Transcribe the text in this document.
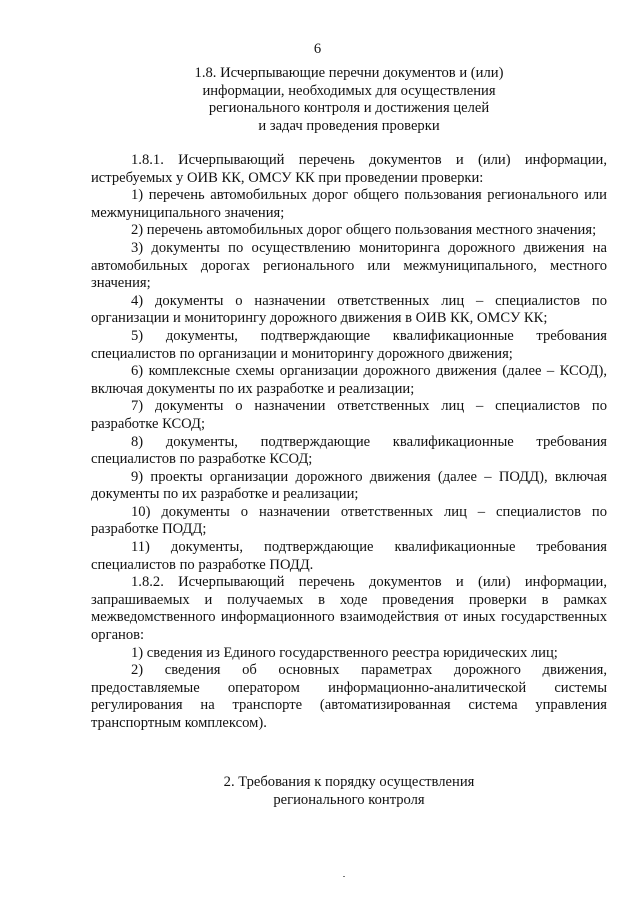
6
1.8. Исчерпывающие перечни документов и (или)
информации, необходимых для осуществления
регионального контроля и достижения целей
и задач проведения проверки

1.8.1. Исчерпывающий перечень документов и (или) информации, истребуемых у ОИВ КК, ОМСУ КК при проведении проверки:

1) перечень автомобильных дорог общего пользования регионального или межмуниципального значения;

2) перечень автомобильных дорог общего пользования местного значения;

3) документы по осуществлению мониторинга дорожного движения на автомобильных дорогах регионального или межмуниципального, местного значения;

4) документы о назначении ответственных лиц – специалистов по организации и мониторингу дорожного движения в ОИВ КК, ОМСУ КК;

5) документы, подтверждающие квалификационные требования специалистов по организации и мониторингу дорожного движения;

6) комплексные схемы организации дорожного движения (далее – КСОД), включая документы по их разработке и реализации;

7) документы о назначении ответственных лиц – специалистов по разработке КСОД;

8) документы, подтверждающие квалификационные требования специалистов по разработке КСОД;

9) проекты организации дорожного движения (далее – ПОДД), включая документы по их разработке и реализации;

10) документы о назначении ответственных лиц – специалистов по разработке ПОДД;

11) документы, подтверждающие квалификационные требования специалистов по разработке ПОДД.

1.8.2. Исчерпывающий перечень документов и (или) информации, запрашиваемых и получаемых в ходе проведения проверки в рамках межведомственного информационного взаимодействия от иных государственных органов:

1) сведения из Единого государственного реестра юридических лиц;

2) сведения об основных параметрах дорожного движения, предоставляемые оператором информационно-аналитической системы регулирования на транспорте (автоматизированная система управления транспортным комплексом).

2. Требования к порядку осуществления
регионального контроля
